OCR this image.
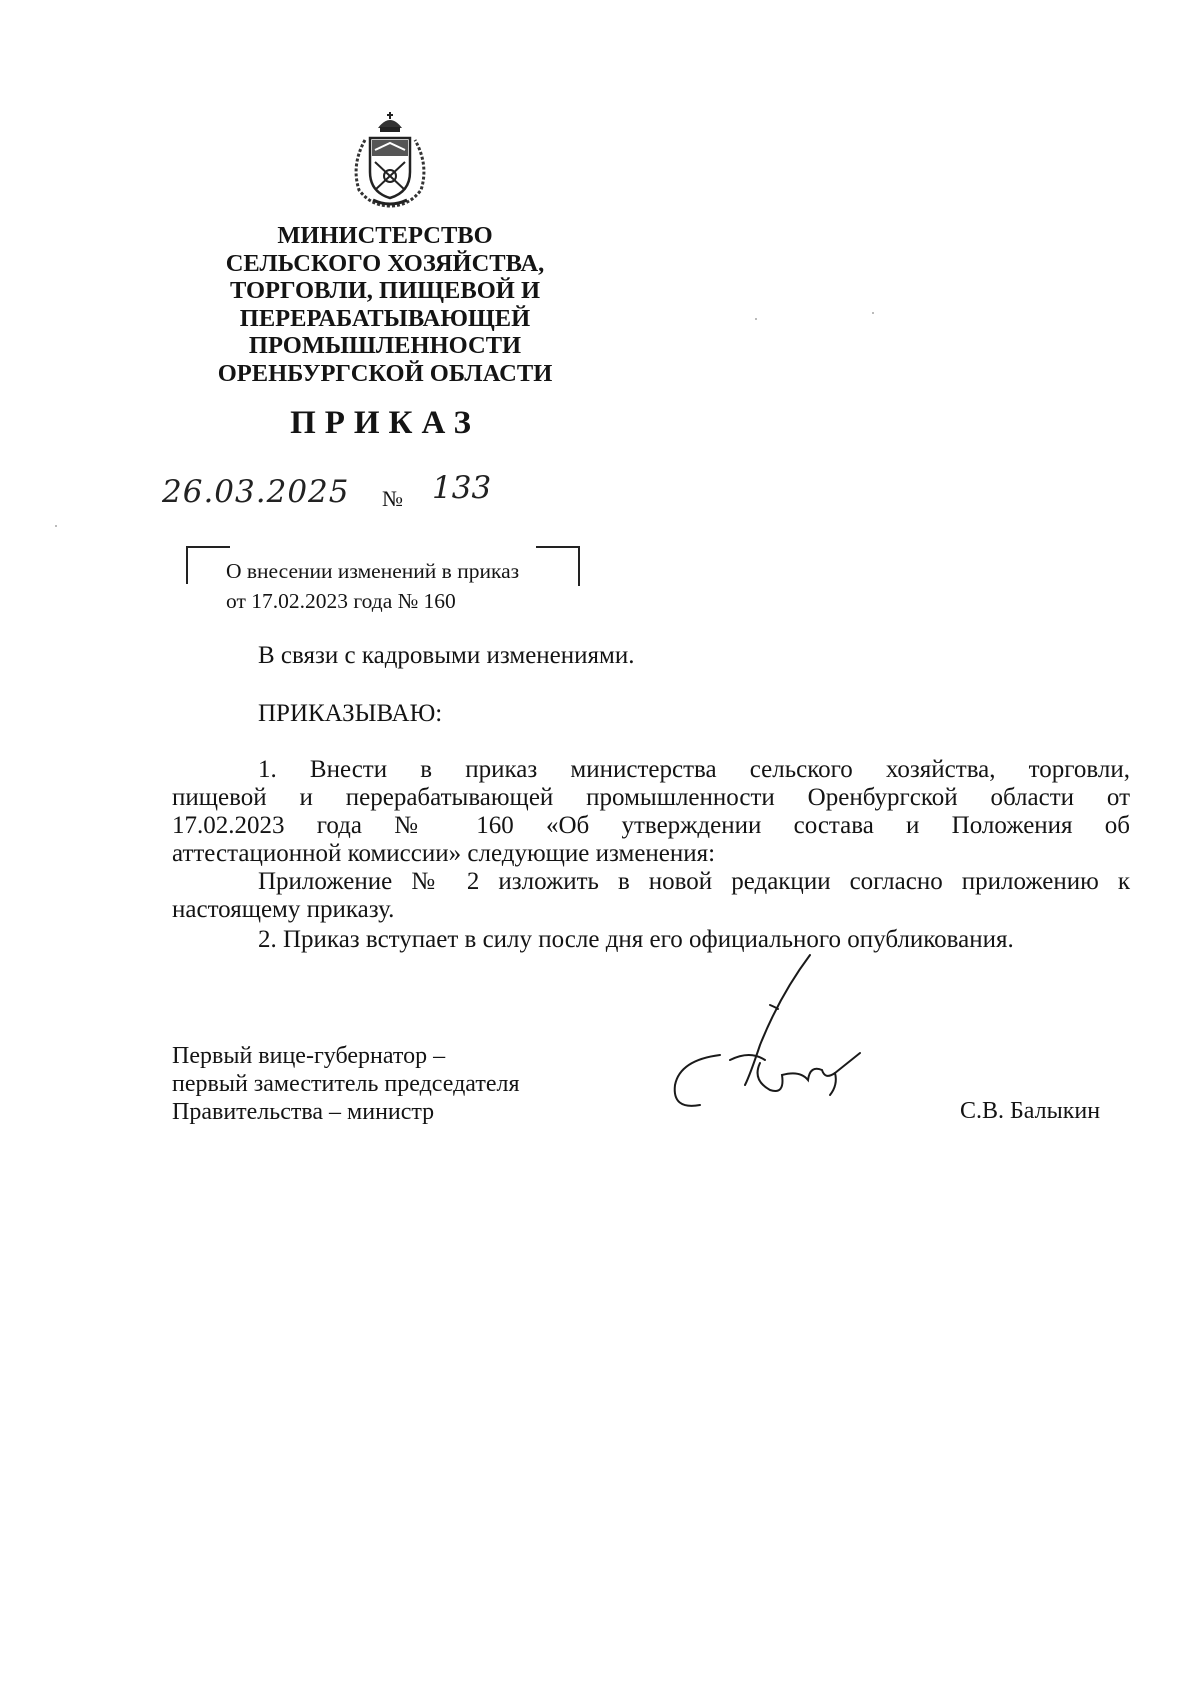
МИНИСТЕРСТВО
СЕЛЬСКОГО ХОЗЯЙСТВА,
ТОРГОВЛИ, ПИЩЕВОЙ И
ПЕРЕРАБАТЫВАЮЩЕЙ
ПРОМЫШЛЕННОСТИ
ОРЕНБУРГСКОЙ ОБЛАСТИ
ПРИКАЗ
26.03.2025 № 133
О внесении изменений в приказ
от 17.02.2023 года № 160
В связи с кадровыми изменениями.
ПРИКАЗЫВАЮ:
1. Внести в приказ министерства сельского хозяйства, торговли,
пищевой и перерабатывающей промышленности Оренбургской области от
17.02.2023 года № 160 «Об утверждении состава и Положения об
аттестационной комиссии» следующие изменения:
Приложение № 2 изложить в новой редакции согласно приложению к
настоящему приказу.
2. Приказ вступает в силу после дня его официального опубликования.
Первый вице-губернатор –
первый заместитель председателя
Правительства – министр	С.В. Балыкин
